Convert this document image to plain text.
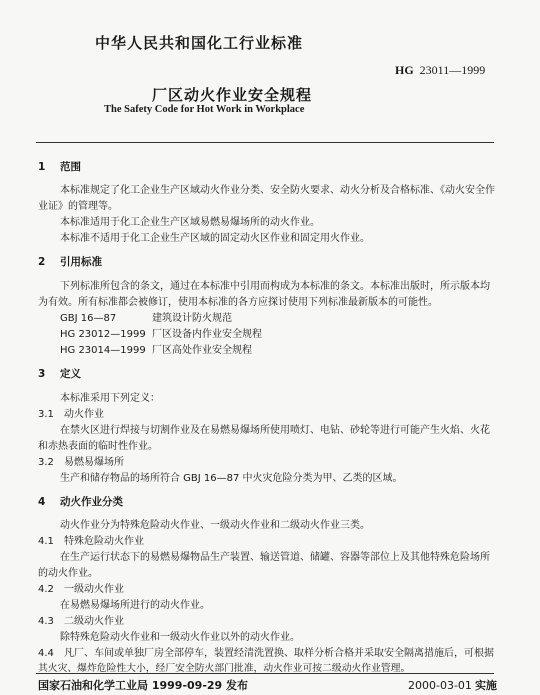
中华人民共和国化工行业标准
HG 23011—1999
厂区动火作业安全规程
The Safety Code for Hot Work in Workplace
1 范围
本标准规定了化工企业生产区域动火作业分类、安全防火要求、动火分析及合格标准、《动火安全作
业证》的管理等。
本标准适用于化工企业生产区域易燃易爆场所的动火作业。
本标准不适用于化工企业生产区域的固定动火区作业和固定用火作业。
2 引用标准
下列标准所包含的条文，通过在本标准中引用而构成为本标准的条文。本标准出版时，所示版本均
为有效。所有标准都会被修订，使用本标准的各方应探讨使用下列标准最新版本的可能性。
GBJ 16—87	建筑设计防火规范
HG 23012—1999 厂区设备内作业安全规程
HG 23014—1999 厂区高处作业安全规程
3 定义
本标准采用下列定义：
3.1 动火作业
在禁火区进行焊接与切割作业及在易燃易爆场所使用喷灯、电钻、砂轮等进行可能产生火焰、火花
和赤热表面的临时性作业。
3.2 易燃易爆场所
生产和储存物品的场所符合 GBJ 16—87 中火灾危险分类为甲、乙类的区域。
4 动火作业分类
动火作业分为特殊危险动火作业、一级动火作业和二级动火作业三类。
4.1 特殊危险动火作业
在生产运行状态下的易燃易爆物品生产装置、输送管道、储罐、容器等部位上及其他特殊危险场所
的动火作业。
4.2 一级动火作业
在易燃易爆场所进行的动火作业。
4.3 二级动火作业
除特殊危险动火作业和一级动火作业以外的动火作业。
4.4 凡厂、车间或单独厂房全部停车，装置经清洗置换、取样分析合格并采取安全隔离措施后，可根据
其火灾、爆炸危险性大小，经厂安全防火部门批准，动火作业可按二级动火作业管理。
国家石油和化学工业局 1999-09-29 发布	2000-03-01 实施
